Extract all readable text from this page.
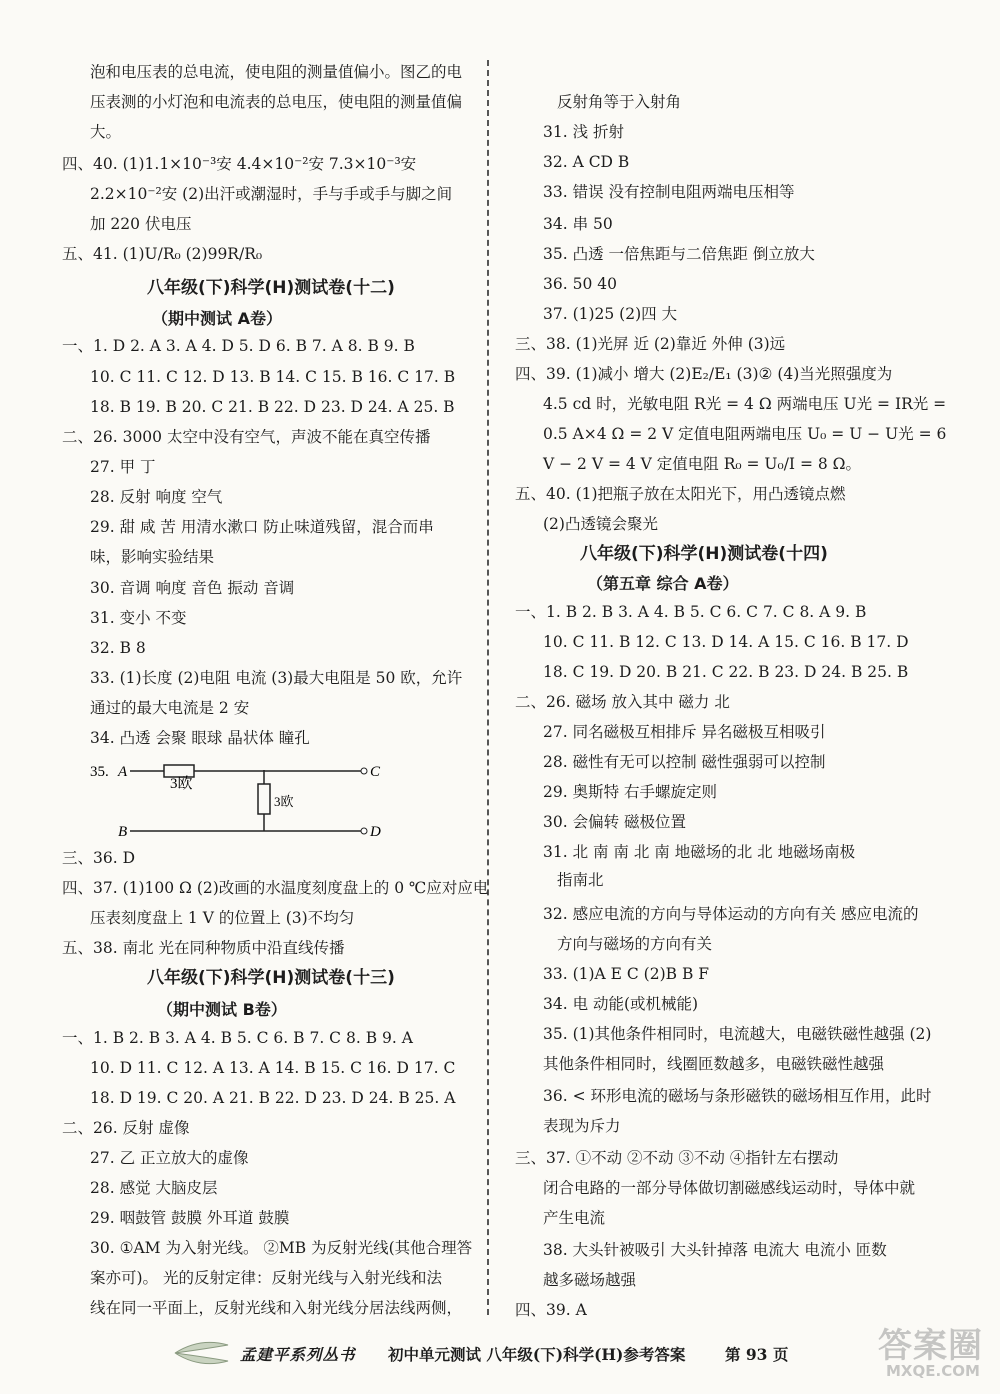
泡和电压表的总电流，使电阻的测量值偏小。图乙的电
压表测的小灯泡和电流表的总电压，使电阻的测量值偏
大。
四、40. (1)1.1×10⁻³安 4.4×10⁻²安 7.3×10⁻³安
2.2×10⁻²安 (2)出汗或潮湿时，手与手或手与脚之间
加 220 伏电压
五、41. (1)U/R₀ (2)99R/R₀
八年级(下)科学(H)测试卷(十二)
（期中测试 A卷）
一、1. D 2. A 3. A 4. D 5. D 6. B 7. A 8. B 9. B
10. C 11. C 12. D 13. B 14. C 15. B 16. C 17. B
18. B 19. B 20. C 21. B 22. D 23. D 24. A 25. B
二、26. 3000 太空中没有空气，声波不能在真空传播
27. 甲 丁
28. 反射 响度 空气
29. 甜 咸 苦 用清水漱口 防止味道残留，混合而串
味，影响实验结果
30. 音调 响度 音色 振动 音调
31. 变小 不变
32. B 8
33. (1)长度 (2)电阻 电流 (3)最大电阻是 50 欧，允许
通过的最大电流是 2 安
34. 凸透 会聚 眼球 晶状体 瞳孔
三、36. D
四、37. (1)100 Ω (2)改画的水温度刻度盘上的 0 ℃应对应电
压表刻度盘上 1 V 的位置上 (3)不均匀
五、38. 南北 光在同种物质中沿直线传播
八年级(下)科学(H)测试卷(十三)
（期中测试 B卷）
一、1. B 2. B 3. A 4. B 5. C 6. B 7. C 8. B 9. A
10. D 11. C 12. A 13. A 14. B 15. C 16. D 17. C
18. D 19. C 20. A 21. B 22. D 23. D 24. B 25. A
二、26. 反射 虚像
27. 乙 正立放大的虚像
28. 感觉 大脑皮层
29. 咽鼓管 鼓膜 外耳道 鼓膜
30. ①AM 为入射光线。 ②MB 为反射光线(其他合理答
案亦可)。 光的反射定律：反射光线与入射光线和法
线在同一平面上，反射光线和入射光线分居法线两侧，
35. A
3欧
C
3欧
B	D
反射角等于入射角
31. 浅 折射
32. A CD B
33. 错误 没有控制电阻两端电压相等
34. 串 50
35. 凸透 一倍焦距与二倍焦距 倒立放大
36. 50 40
37. (1)25 (2)四 大
三、38. (1)光屏 近 (2)靠近 外伸 (3)远
四、39. (1)减小 增大 (2)E₂/E₁ (3)② (4)当光照强度为
4.5 cd 时，光敏电阻 R光 = 4 Ω 两端电压 U光 = IR光 =
0.5 A×4 Ω = 2 V 定值电阻两端电压 U₀ = U − U光 = 6
V − 2 V = 4 V 定值电阻 R₀ = U₀/I = 8 Ω。
五、40. (1)把瓶子放在太阳光下，用凸透镜点燃
(2)凸透镜会聚光
八年级(下)科学(H)测试卷(十四)
（第五章 综合 A卷）
一、1. B 2. B 3. A 4. B 5. C 6. C 7. C 8. A 9. B
10. C 11. B 12. C 13. D 14. A 15. C 16. B 17. D
18. C 19. D 20. B 21. C 22. B 23. D 24. B 25. B
二、26. 磁场 放入其中 磁力 北
27. 同名磁极互相排斥 异名磁极互相吸引
28. 磁性有无可以控制 磁性强弱可以控制
29. 奥斯特 右手螺旋定则
30. 会偏转 磁极位置
31. 北 南 南 北 南 地磁场的北 北 地磁场南极
指南北
32. 感应电流的方向与导体运动的方向有关 感应电流的
方向与磁场的方向有关
33. (1)A E C (2)B B F
34. 电 动能(或机械能)
35. (1)其他条件相同时，电流越大，电磁铁磁性越强 (2)
其他条件相同时，线圈匝数越多，电磁铁磁性越强
36. < 环形电流的磁场与条形磁铁的磁场相互作用，此时
表现为斥力
三、37. ①不动 ②不动 ③不动 ④指针左右摆动
闭合电路的一部分导体做切割磁感线运动时，导体中就
产生电流
38. 大头针被吸引 大头针掉落 电流大 电流小 匝数
越多磁场越强
四、39. A
孟建平系列丛书 初中单元测试 八年级(下)科学(H)参考答案	第 93 页	答案圈
MXQE.COM
